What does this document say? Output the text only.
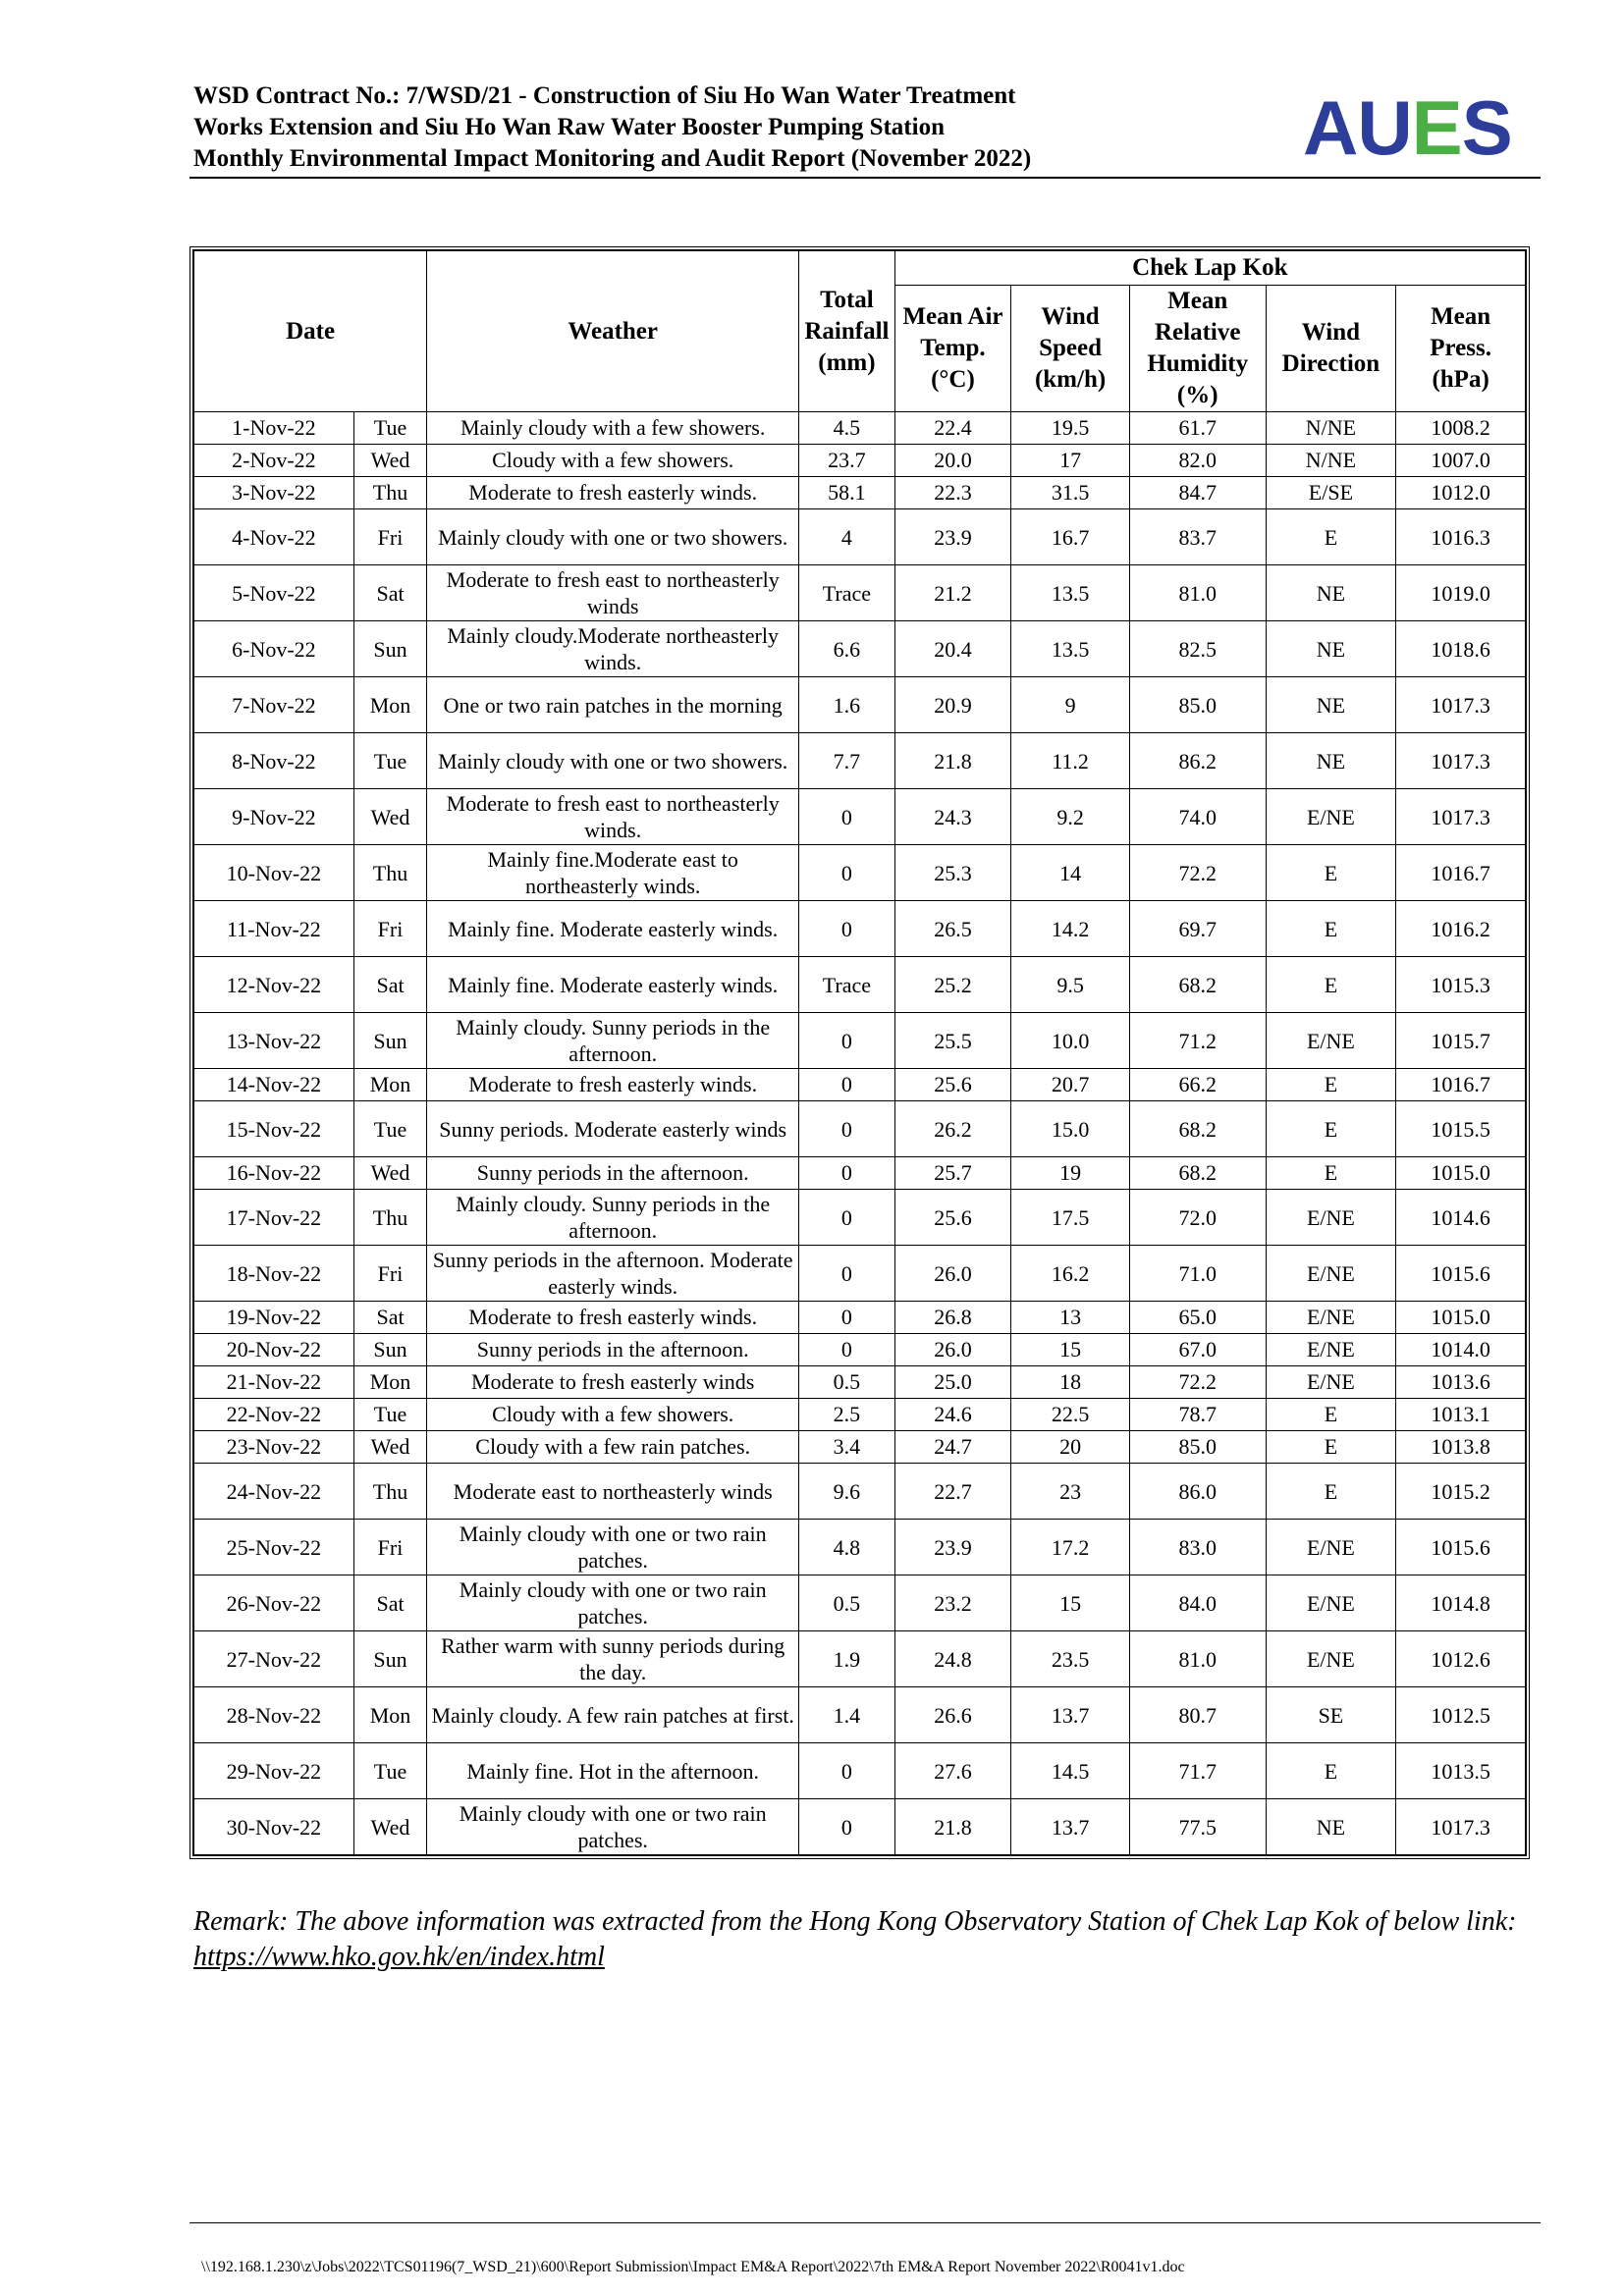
WSD Contract No.: 7/WSD/21 - Construction of Siu Ho Wan Water Treatment
Works Extension and Siu Ho Wan Raw Water Booster Pumping Station
Monthly Environmental Impact Monitoring and Audit Report (November 2022)	AUES
Date		Weather	Total Rainfall (mm)	Chek Lap Kok				
				Mean Air Temp. (°C)	Wind Speed (km/h)	Mean Relative Humidity (%)	Wind Direction	Mean Press. (hPa)
1-Nov-22	Tue	Mainly cloudy with a few showers.	4.5	22.4	19.5	61.7	N/NE	1008.2
2-Nov-22	Wed	Cloudy with a few showers.	23.7	20.0	17	82.0	N/NE	1007.0
3-Nov-22	Thu	Moderate to fresh easterly winds.	58.1	22.3	31.5	84.7	E/SE	1012.0
4-Nov-22	Fri	Mainly cloudy with one or two showers.	4	23.9	16.7	83.7	E	1016.3
5-Nov-22	Sat	Moderate to fresh east to northeasterly winds	Trace	21.2	13.5	81.0	NE	1019.0
6-Nov-22	Sun	Mainly cloudy.Moderate northeasterly winds.	6.6	20.4	13.5	82.5	NE	1018.6
7-Nov-22	Mon	One or two rain patches in the morning	1.6	20.9	9	85.0	NE	1017.3
8-Nov-22	Tue	Mainly cloudy with one or two showers.	7.7	21.8	11.2	86.2	NE	1017.3
9-Nov-22	Wed	Moderate to fresh east to northeasterly winds.	0	24.3	9.2	74.0	E/NE	1017.3
10-Nov-22	Thu	Mainly fine.Moderate east to northeasterly winds.	0	25.3	14	72.2	E	1016.7
11-Nov-22	Fri	Mainly fine. Moderate easterly winds.	0	26.5	14.2	69.7	E	1016.2
12-Nov-22	Sat	Mainly fine. Moderate easterly winds.	Trace	25.2	9.5	68.2	E	1015.3
13-Nov-22	Sun	Mainly cloudy. Sunny periods in the afternoon.	0	25.5	10.0	71.2	E/NE	1015.7
14-Nov-22	Mon	Moderate to fresh easterly winds.	0	25.6	20.7	66.2	E	1016.7
15-Nov-22	Tue	Sunny periods. Moderate easterly winds	0	26.2	15.0	68.2	E	1015.5
16-Nov-22	Wed	Sunny periods in the afternoon.	0	25.7	19	68.2	E	1015.0
17-Nov-22	Thu	Mainly cloudy. Sunny periods in the afternoon.	0	25.6	17.5	72.0	E/NE	1014.6
18-Nov-22	Fri	Sunny periods in the afternoon. Moderate easterly winds.	0	26.0	16.2	71.0	E/NE	1015.6
19-Nov-22	Sat	Moderate to fresh easterly winds.	0	26.8	13	65.0	E/NE	1015.0
20-Nov-22	Sun	Sunny periods in the afternoon.	0	26.0	15	67.0	E/NE	1014.0
21-Nov-22	Mon	Moderate to fresh easterly winds	0.5	25.0	18	72.2	E/NE	1013.6
22-Nov-22	Tue	Cloudy with a few showers.	2.5	24.6	22.5	78.7	E	1013.1
23-Nov-22	Wed	Cloudy with a few rain patches.	3.4	24.7	20	85.0	E	1013.8
24-Nov-22	Thu	Moderate east to northeasterly winds	9.6	22.7	23	86.0	E	1015.2
25-Nov-22	Fri	Mainly cloudy with one or two rain patches.	4.8	23.9	17.2	83.0	E/NE	1015.6
26-Nov-22	Sat	Mainly cloudy with one or two rain patches.	0.5	23.2	15	84.0	E/NE	1014.8
27-Nov-22	Sun	Rather warm with sunny periods during the day.	1.9	24.8	23.5	81.0	E/NE	1012.6
28-Nov-22	Mon	Mainly cloudy. A few rain patches at first.	1.4	26.6	13.7	80.7	SE	1012.5
29-Nov-22	Tue	Mainly fine. Hot in the afternoon.	0	27.6	14.5	71.7	E	1013.5
30-Nov-22	Wed	Mainly cloudy with one or two rain patches.	0	21.8	13.7	77.5	NE	1017.3
Remark: The above information was extracted from the Hong Kong Observatory Station of Chek Lap Kok of below link: https://www.hko.gov.hk/en/index.html
\\192.168.1.230\z\Jobs\2022\TCS01196(7_WSD_21)\600\Report Submission\Impact EM&A Report\2022\7th EM&A Report November 2022\R0041v1.doc
